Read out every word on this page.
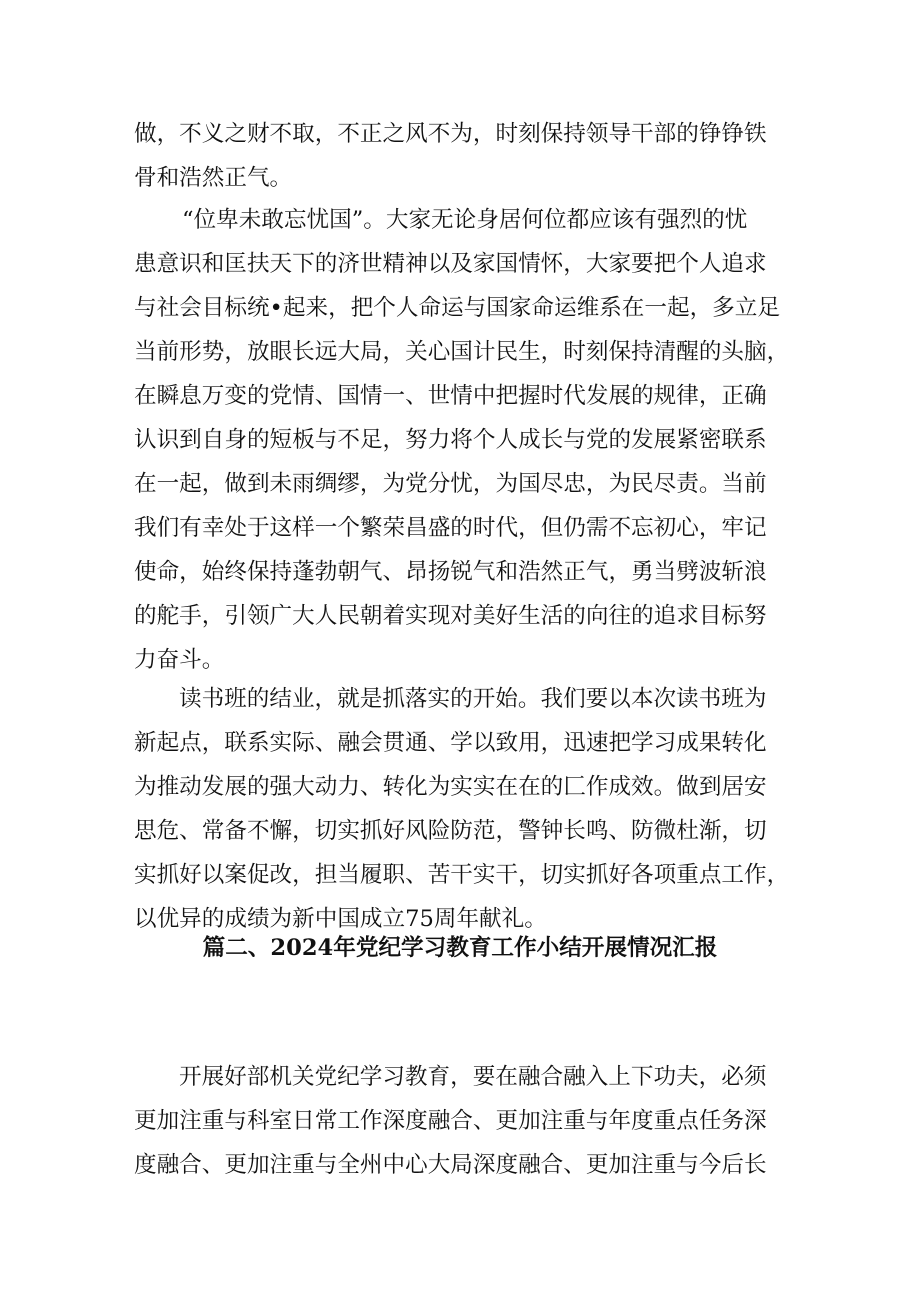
做，不义之财不取，不正之风不为，时刻保持领导干部的铮铮铁
骨和浩然正气。
“位卑未敢忘忧国”。大家无论身居何位都应该有强烈的忧
患意识和匡扶天下的济世精神以及家国情怀，大家要把个人追求
与社会目标统•起来，把个人命运与国家命运维系在一起，多立足
当前形势，放眼长远大局，关心国计民生，时刻保持清醒的头脑，
在瞬息万变的党情、国情一、世情中把握时代发展的规律，正确
认识到自身的短板与不足，努力将个人成长与党的发展紧密联系
在一起，做到未雨绸缪，为党分忧，为国尽忠，为民尽责。当前
我们有幸处于这样一个繁荣昌盛的时代，但仍需不忘初心，牢记
使命，始终保持蓬勃朝气、昂扬锐气和浩然正气，勇当劈波斩浪
的舵手，引领广大人民朝着实现对美好生活的向往的追求目标努
力奋斗。
读书班的结业，就是抓落实的开始。我们要以本次读书班为
新起点，联系实际、融会贯通、学以致用，迅速把学习成果转化
为推动发展的强大动力、转化为实实在在的匚作成效。做到居安
思危、常备不懈，切实抓好风险防范，警钟长鸣、防微杜渐，切
实抓好以案促改，担当履职、苦干实干，切实抓好各项重点工作，
以优异的成绩为新中国成立75周年献礼。
篇二、2024年党纪学习教育工作小结开展情况汇报
开展好部机关党纪学习教育，要在融合融入上下功夫，必须
更加注重与科室日常工作深度融合、更加注重与年度重点任务深
度融合、更加注重与全州中心大局深度融合、更加注重与今后长
